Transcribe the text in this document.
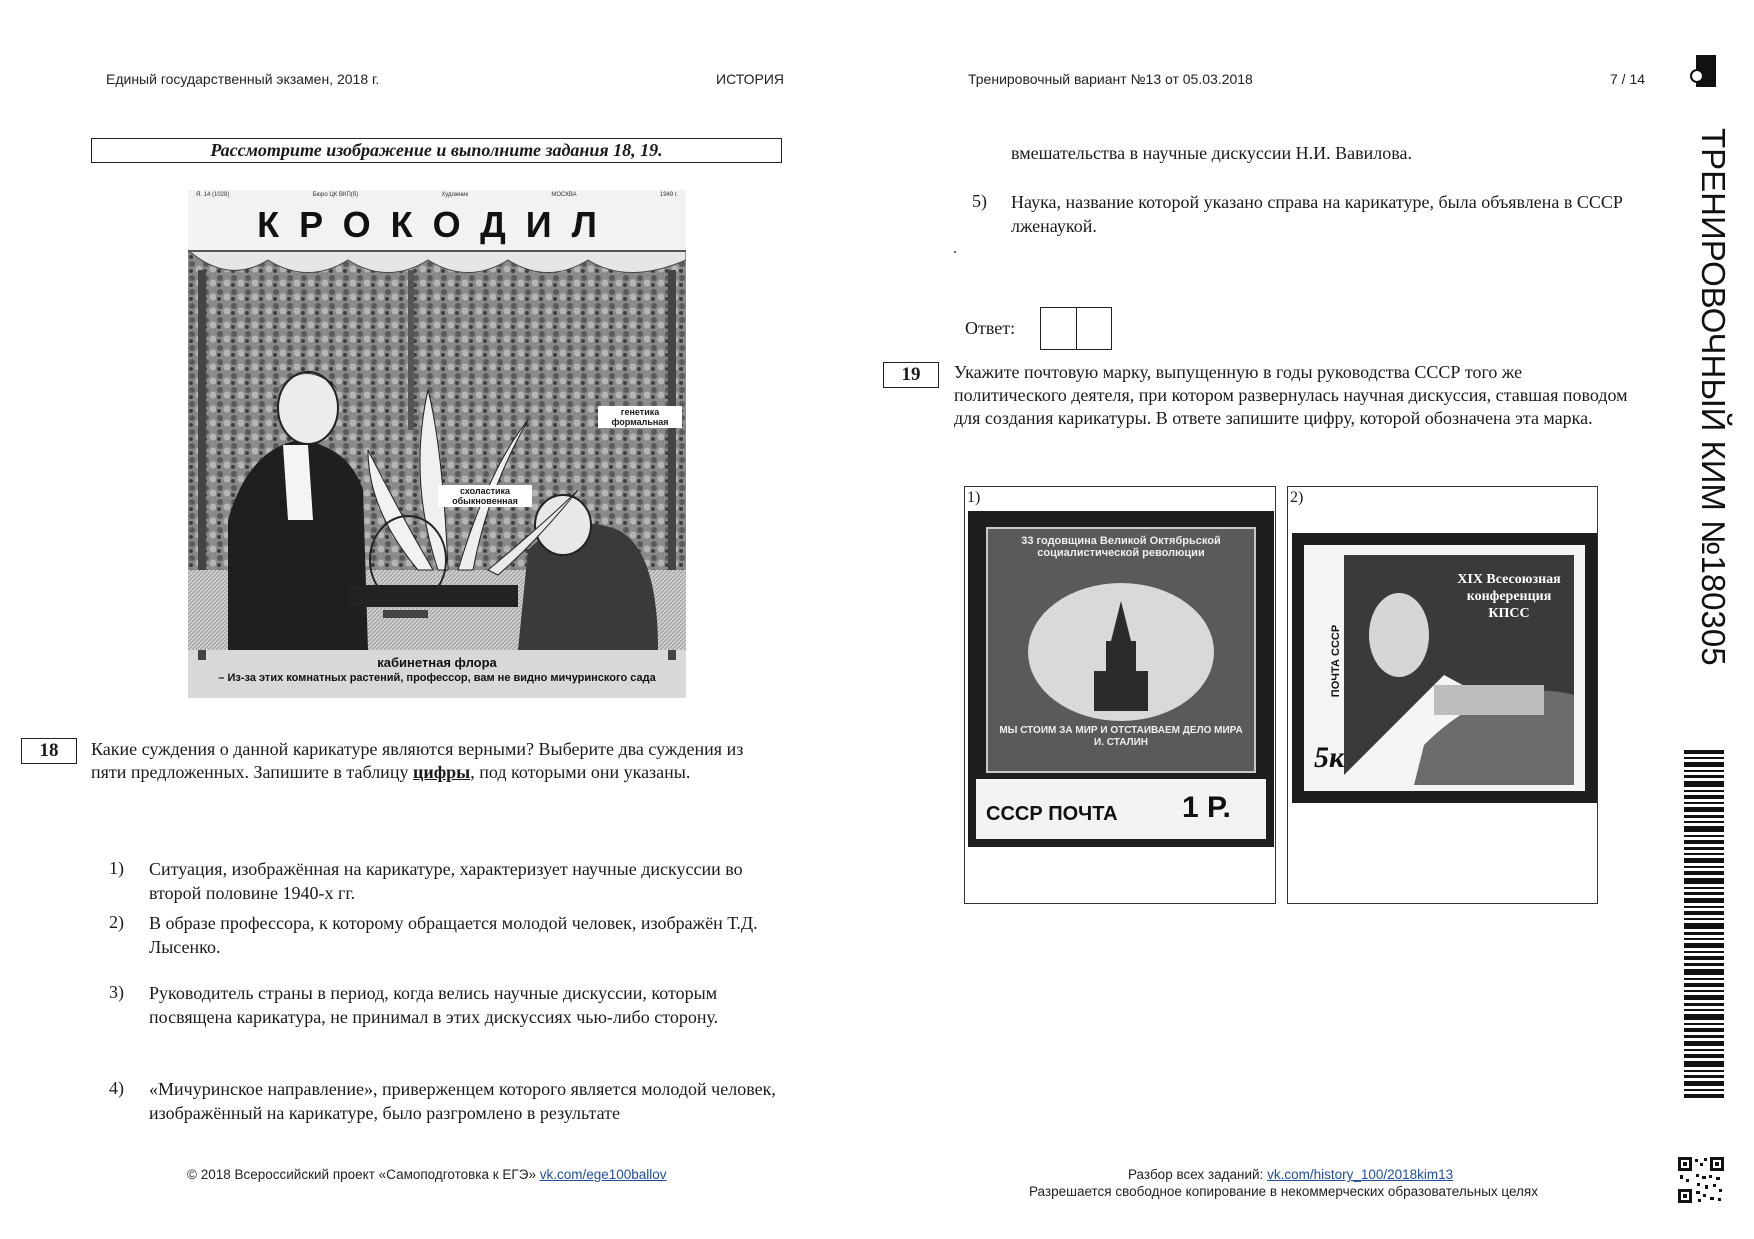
Единый государственный экзамен, 2018 г.	ИСТОРИЯ	Тренировочный вариант №13 от 05.03.2018	7 / 14
Рассмотрите изображение и выполните задания 18, 19.
Я. 14 (1028)	Бюро ЦК ВКП(б)	Художник	МОСКВА	1949 г.
КРОКОДИЛ
генетика формальная
схоластика обыкновенная
кабинетная флора
– Из-за этих комнатных растений, профессор, вам не видно мичуринского сада
18	Какие суждения о данной карикатуре являются верными? Выберите два суждения из пяти предложенных. Запишите в таблицу цифры, под которыми они указаны.
1) Ситуация, изображённая на карикатуре, характеризует научные дискуссии во второй половине 1940-х гг.
2) В образе профессора, к которому обращается молодой человек, изображён Т.Д. Лысенко.
3) Руководитель страны в период, когда велись научные дискуссии, которым посвящена карикатура, не принимал в этих дискуссиях чью-либо сторону.
4) «Мичуринское направление», приверженцем которого является молодой человек, изображённый на карикатуре, было разгромлено в результате
вмешательства в научные дискуссии Н.И. Вавилова.
5) Наука, название которой указано справа на карикатуре, была объявлена в СССР лженаукой.
.
Ответ:
19	Укажите почтовую марку, выпущенную в годы руководства СССР того же политического деятеля, при котором развернулась научная дискуссия, ставшая поводом для создания карикатуры. В ответе запишите цифру, которой обозначена эта марка.
1)
33 годовщина Великой Октябрьской социалистической революции
МЫ СТОИМ ЗА МИР И ОТСТАИВАЕМ ДЕЛО МИРА И. СТАЛИН
СССР ПОЧТА 1 Р.
2)
XIX Всесоюзная конференция КПСС
ПОЧТА СССР
5к
ТРЕНИРОВОЧНЫЙ КИМ №180305
© 2018 Всероссийский проект «Самоподготовка к ЕГЭ» vk.com/ege100ballov	Разбор всех заданий: vk.com/history_100/2018kim13
Разрешается свободное копирование в некоммерческих образовательных целях
